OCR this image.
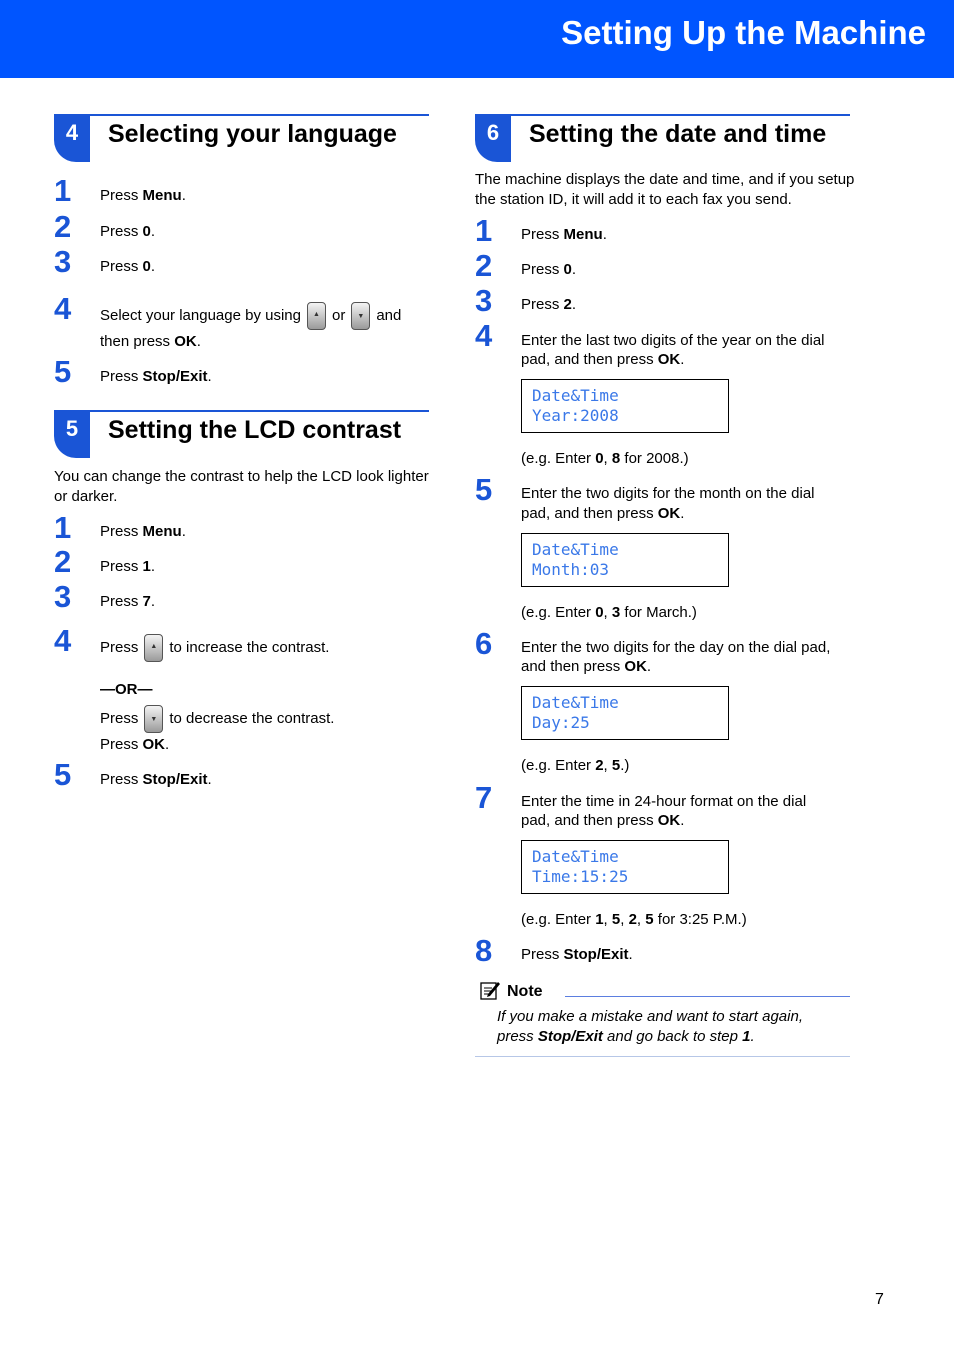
Setting Up the Machine
4	Selecting your language
1 Press Menu.
2 Press 0.
3 Press 0.
4 Select your language by using ▲ or ▼ and
then press OK.
5 Press Stop/Exit.
5	Setting the LCD contrast
You can change the contrast to help the LCD look lighter or darker.
1 Press Menu.
2 Press 1.
3 Press 7.
4 Press ▲ to increase the contrast.
—OR—
Press ▼ to decrease the contrast.
Press OK.
5 Press Stop/Exit.
6	Setting the date and time
The machine displays the date and time, and if you setup the station ID, it will add it to each fax you send.
1 Press Menu.
2 Press 0.
3 Press 2.
4 Enter the last two digits of the year on the dial
pad, and then press OK.
Date&Time
Year:2008
(e.g. Enter 0, 8 for 2008.)
5 Enter the two digits for the month on the dial
pad, and then press OK.
Date&Time
Month:03
(e.g. Enter 0, 3 for March.)
6 Enter the two digits for the day on the dial pad,
and then press OK.
Date&Time
Day:25
(e.g. Enter 2, 5.)
7 Enter the time in 24-hour format on the dial
pad, and then press OK.
Date&Time
Time:15:25
(e.g. Enter 1, 5, 2, 5 for 3:25 P.M.)
8 Press Stop/Exit.
Note
If you make a mistake and want to start again,
press Stop/Exit and go back to step 1.
7
